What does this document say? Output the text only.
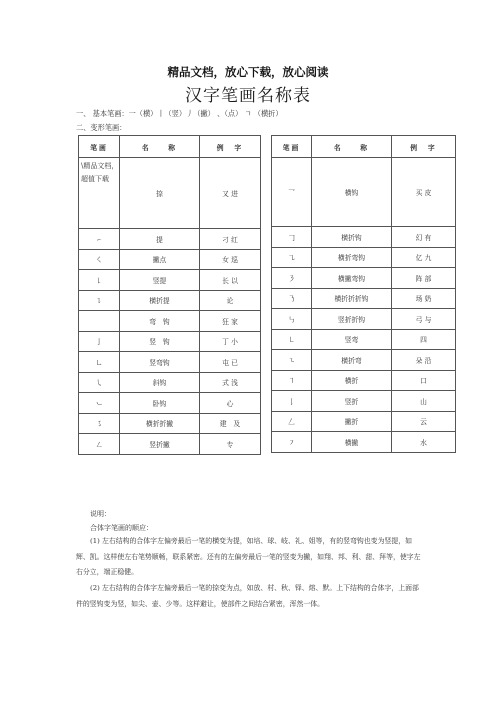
精品文档，放心下载，放心阅读
汉字笔画名称表
一、 基本笔画：一（横）丨（竖）丿（撇） 、（点） ㄱ （横折）
二、变形笔画：
笔画	名　　称	例　字
\精品文档，超值下载	捺	又 进
㇀	提	刁 红
㇛	撇点	女 巡
㇙	竖提	长 以
㇊	横折提	论
	弯　钩	狂 家
亅	竖　钩	丁 小
㇟	竖弯钩	屯 已
㇂	斜钩	式 浅
㇃	卧钩	心
㇌	横折折撇	建　及
㇜	竖折撇	专
笔画	名　　称	例　字
乛	横钩	买 皮
𠃌	横折钩	幻 有
㇈	横折弯钩	亿 九
㇋	横撇弯钩	阵 部
㇡	横折折折钩	场 奶
㇉	竖折折钩	弓 与
㇄	竖弯	四
㇍	横折弯	朵 沿
㇕	横折	口
𠄌	竖折	山
𠃋	撇折	云
㇇	横撇	水
说明：
合体字笔画的顺应：
(1) 左右结构的合体字左偏旁最后一笔的横变为提，如培、球、岐、礼、姐等，有的竖弯钩也变为竖提，如辉、凯。这样使左右笔势顺畅，联系紧密。还有的左偏旁最后一笔的竖变为撇，如翔、邦、利、甜、拜等，使字左右分立，端正稳健。
(2) 左右结构的合体字左偏旁最后一笔的捺变为点，如放、村、秋、铎、熔、默。上下结构的合体字，上面部件的竖钩变为竖，如尖、壶、少等。这样避让，使部件之间结合紧密，浑然一体。
